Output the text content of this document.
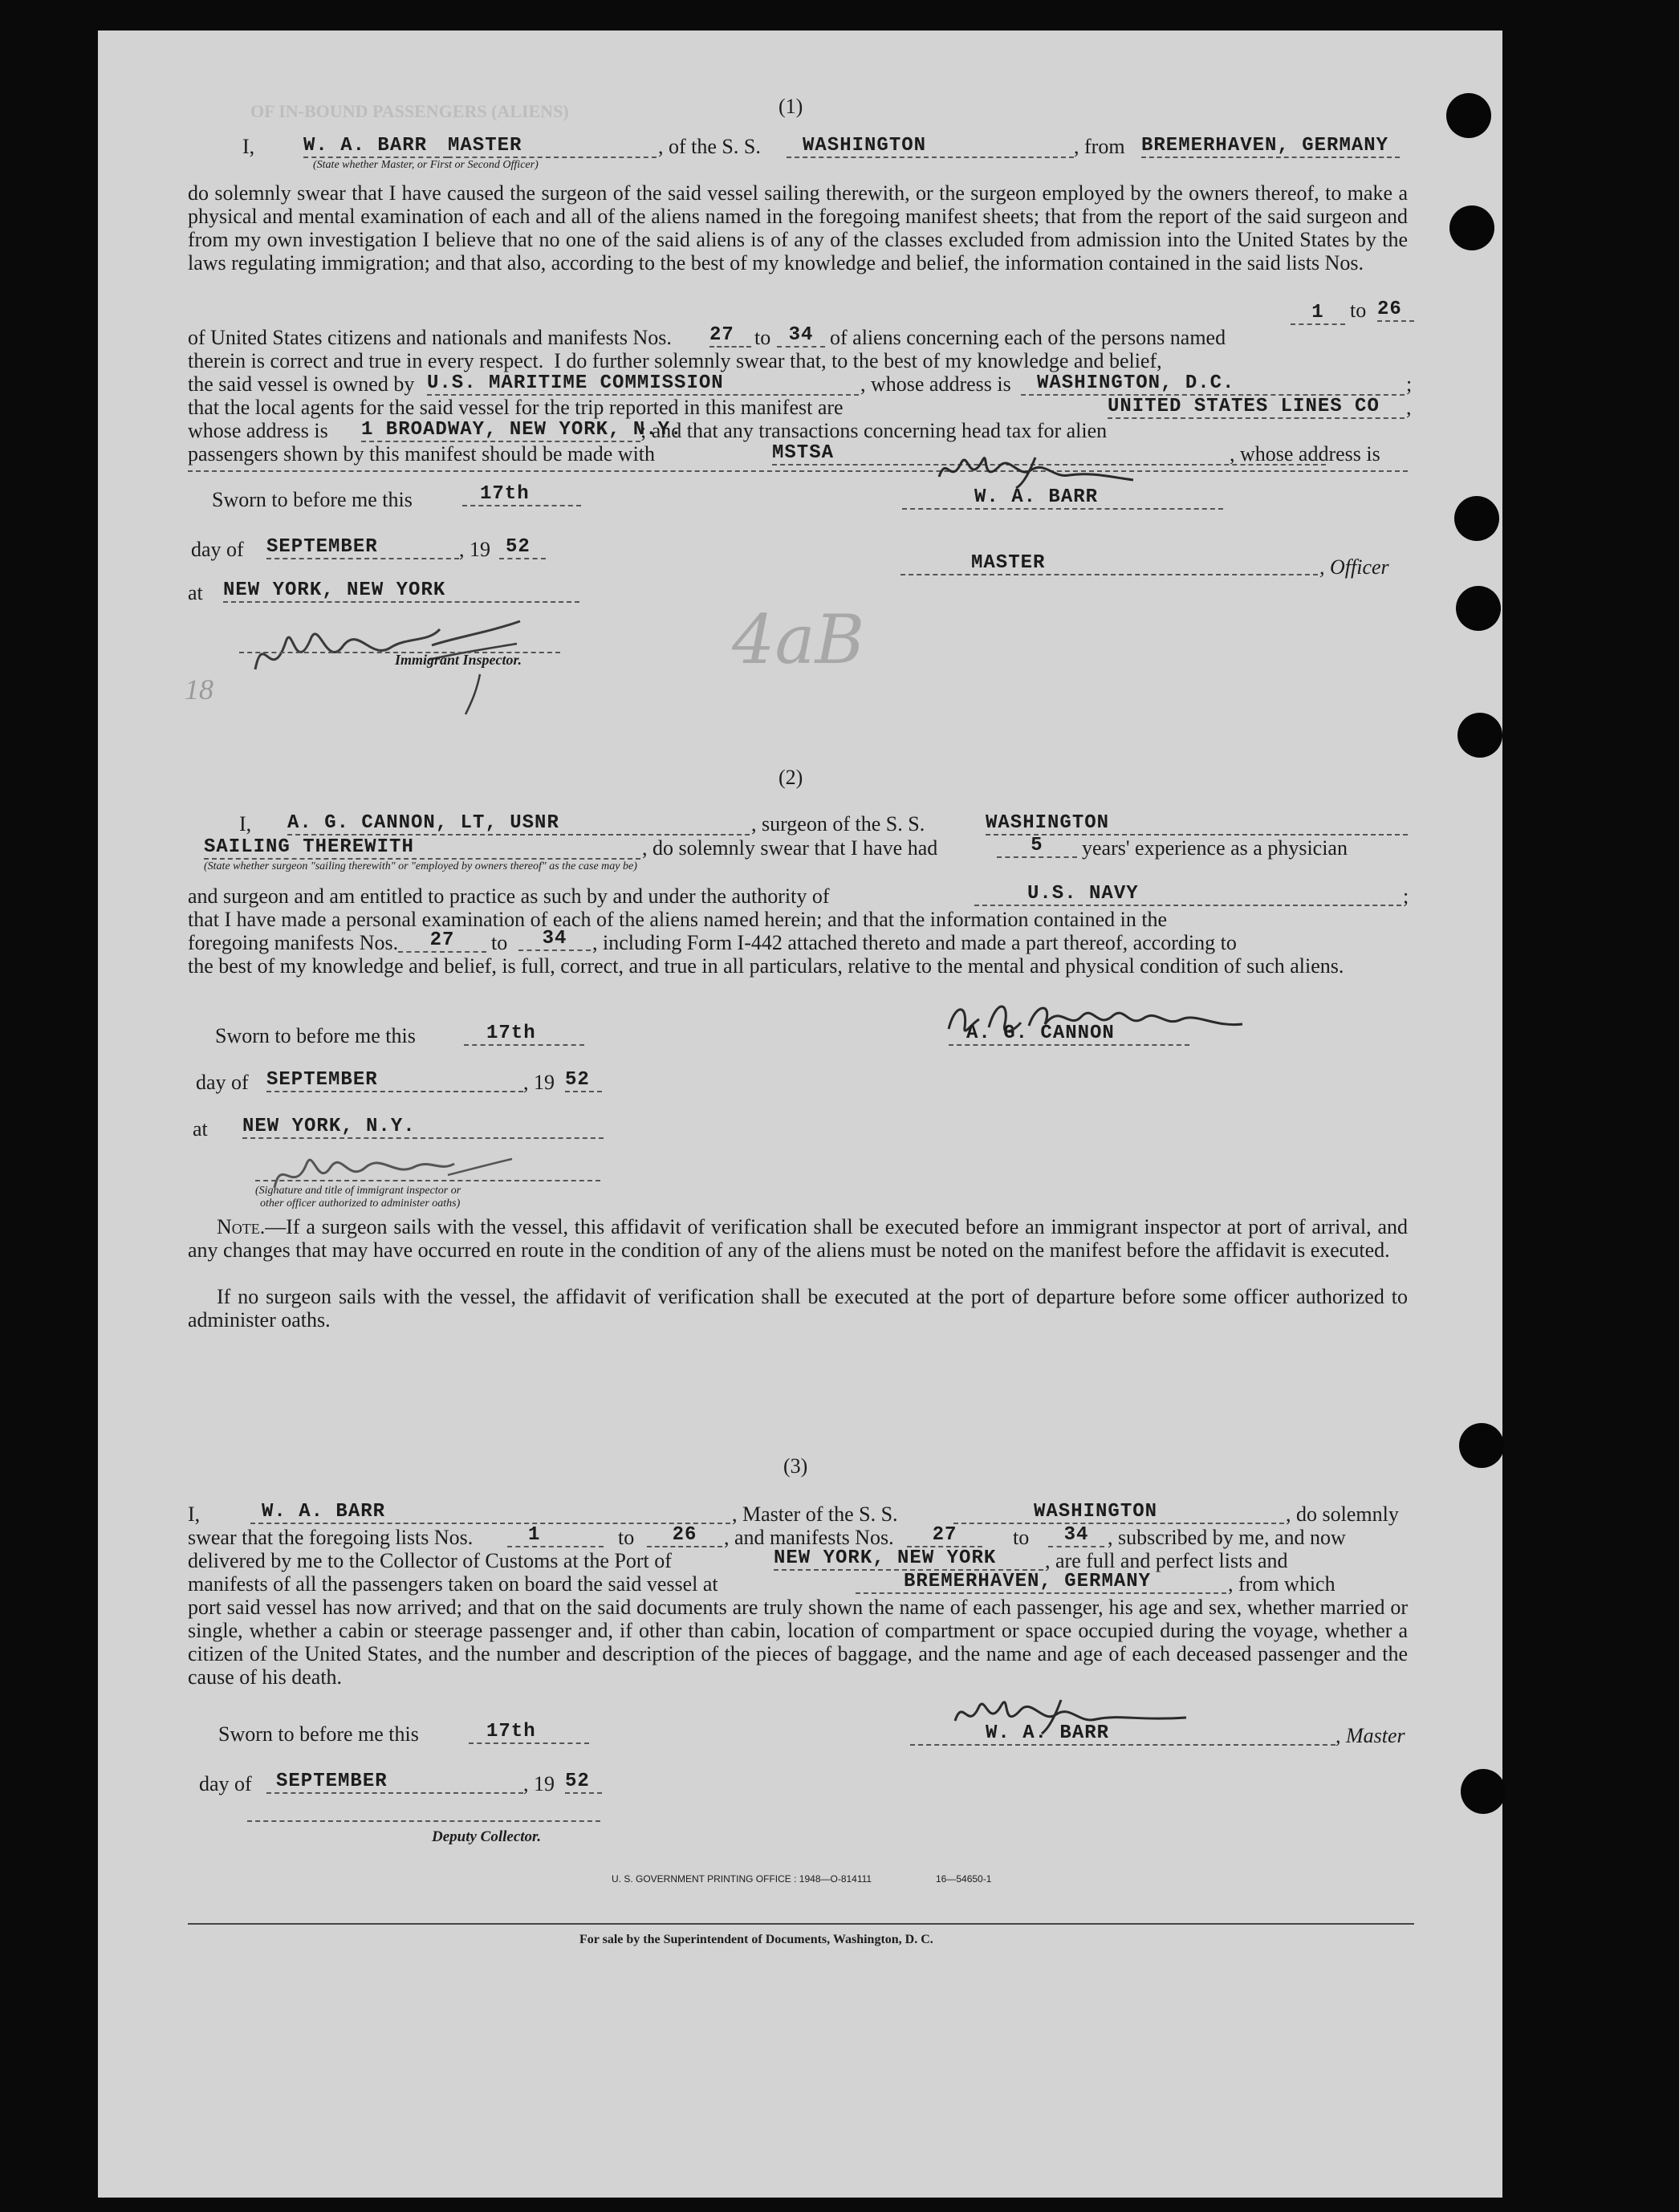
OF IN-BOUND PASSENGERS (ALIENS)	(1)
I,	W. A. BARR	MASTER
(State whether Master, or First or Second Officer)
, of the S. S.	WASHINGTON	, from BREMERHAVEN, GERMANY
do solemnly swear that I have caused the surgeon of the said vessel sailing therewith, or the surgeon employed by the owners thereof, to make a physical and mental examination of each and all of the aliens named in the foregoing manifest sheets; that from the report of the said surgeon and from my own investigation I believe that no one of the said aliens is of any of the classes excluded from admission into the United States by the laws regulating immigration; and that also, according to the best of my knowledge and belief, the information contained in the said lists Nos.
1	to 26
of United States citizens and nationals and manifests Nos. 27 to 34 of aliens concerning each of the persons named
therein is correct and true in every respect.  I do further solemnly swear that, to the best of my knowledge and belief,
the said vessel is owned by U.S. MARITIME COMMISSION	, whose address is	WASHINGTON, D.C.	;
that the local agents for the said vessel for the trip reported in this manifest are	UNITED STATES LINES CO	,
whose address is 1 BROADWAY, NEW YORK, N.Y.
; and that any transactions concerning head tax for alien
passengers shown by this manifest should be made with	MSTSA	, whose address is
Sworn to before me this	17th	W. A. BARR
day of SEPTEMBER	, 19 52
MASTER	, Officer
at NEW YORK, NEW YORK
Immigrant Inspector.	4aB
18
(2)
I, A. G. CANNON, LT, USNR	, surgeon of the S. S.	WASHINGTON
SAILING THEREWITH
(State whether surgeon "sailing therewith" or "employed by owners thereof" as the case may be)
, do solemnly swear that I have had	5	years' experience as a physician
and surgeon and am entitled to practice as such by and under the authority of	U.S. NAVY	;
that I have made a personal examination of each of the aliens named herein; and that the information contained in the
foregoing manifests Nos.	27	to	34	, including Form I-442 attached thereto and made a part thereof, according to
the best of my knowledge and belief, is full, correct, and true in all particulars, relative to the mental and physical condition of such aliens.
Sworn to before me this	17th	A. G. CANNON
day of SEPTEMBER	, 19 52
at NEW YORK, N.Y.
(Signature and title of immigrant inspector or
other officer authorized to administer oaths)
Note.—If a surgeon sails with the vessel, this affidavit of verification shall be executed before an immigrant inspector at port of arrival, and any changes that may have occurred en route in the condition of any of the aliens must be noted on the manifest before the affidavit is executed.
If no surgeon sails with the vessel, the affidavit of verification shall be executed at the port of departure before some officer authorized to administer oaths.
(3)
I,	W. A. BARR	, Master of the S. S.	WASHINGTON	, do solemnly
swear that the foregoing lists Nos.	1	to	26	, and manifests Nos.	27	to	34 , subscribed by me, and now
delivered by me to the Collector of Customs at the Port of	NEW YORK, NEW YORK	, are full and perfect lists and
manifests of all the passengers taken on board the said vessel at	BREMERHAVEN, GERMANY	, from which
port said vessel has now arrived; and that on the said documents are truly shown the name of each passenger, his age and sex, whether married or single, whether a cabin or steerage passenger and, if other than cabin, location of compartment or space occupied during the voyage, whether a citizen of the United States, and the number and description of the pieces of baggage, and the name and age of each deceased passenger and the cause of his death.
Sworn to before me this	17th	W. A. BARR	, Master
day of	SEPTEMBER	, 19 52
Deputy Collector.
U. S. GOVERNMENT PRINTING OFFICE : 1948—O-814111	16—54650-1
For sale by the Superintendent of Documents, Washington, D. C.
